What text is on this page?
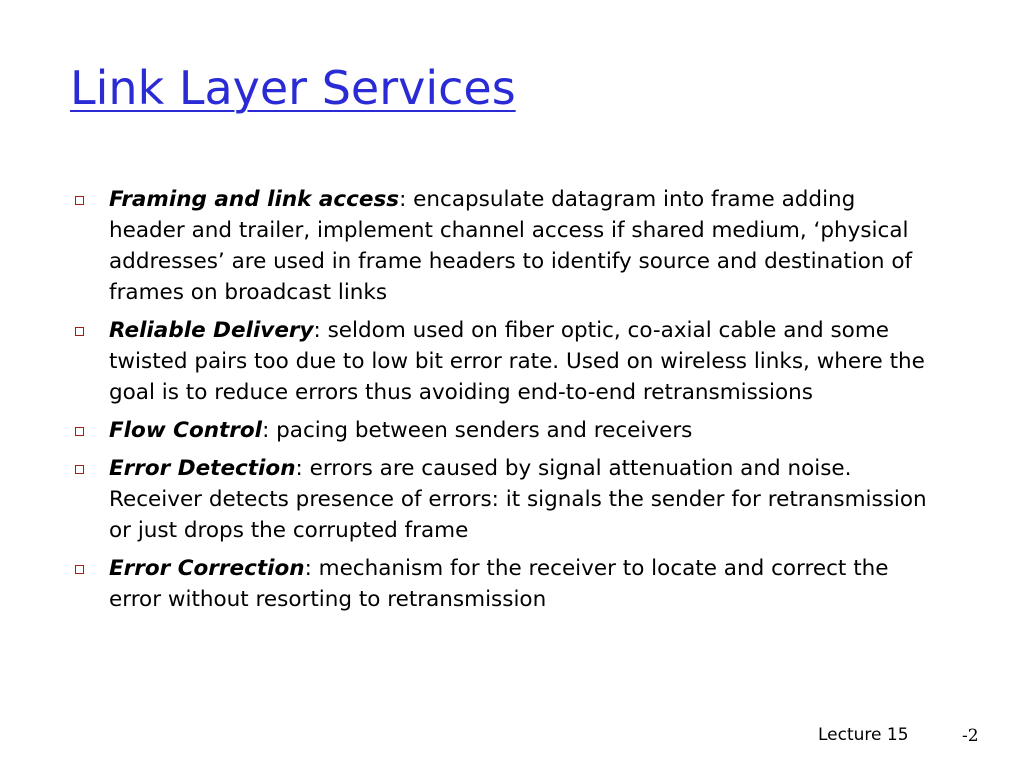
Link Layer Services
Framing and link access: encapsulate datagram into frame adding header and trailer, implement channel access if shared medium, ‘physical addresses’ are used in frame headers to identify source and destination of frames on broadcast links
Reliable Delivery: seldom used on fiber optic, co-axial cable and some twisted pairs too due to low bit error rate. Used on wireless links, where the goal is to reduce errors thus avoiding end-to-end retransmissions
Flow Control: pacing between senders and receivers
Error Detection: errors are caused by signal attenuation and noise. Receiver detects presence of errors: it signals the sender for retransmission or just drops the corrupted frame
Error Correction: mechanism for the receiver to locate and correct the error without resorting to retransmission
Lecture 15	-2
